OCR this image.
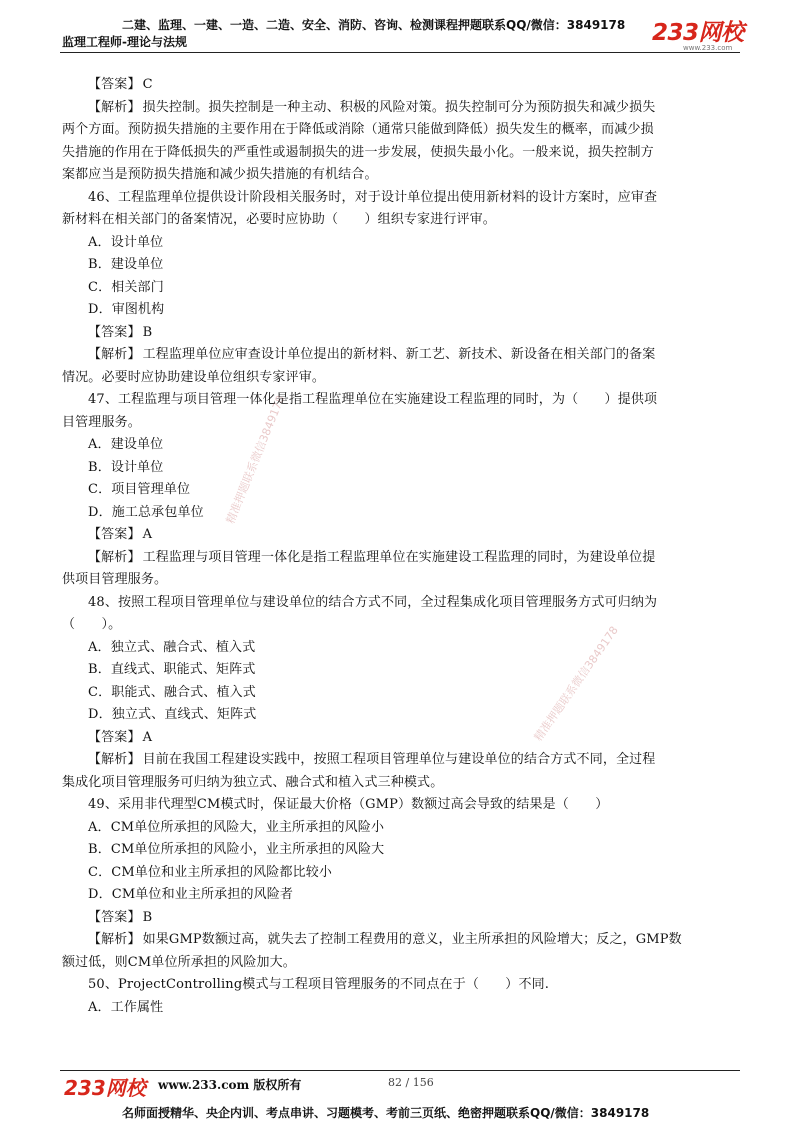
二建、监理、一建、一造、二造、安全、消防、咨询、检测课程押题联系QQ/微信：3849178
监理工程师-理论与法规	233网校
www.233.com
精准押题联系微信3849178
精准押题联系微信3849178
【答案】 C
【解析】 损失控制。损失控制是一种主动、积极的风险对策。损失控制可分为预防损失和减少损失
两个方面。预防损失措施的主要作用在于降低或消除（通常只能做到降低）损失发生的概率，而减少损
失措施的作用在于降低损失的严重性或遏制损失的进一步发展，使损失最小化。一般来说，损失控制方
案都应当是预防损失措施和减少损失措施的有机结合。
46、工程监理单位提供设计阶段相关服务时，对于设计单位提出使用新材料的设计方案时，应审查
新材料在相关部门的备案情况，必要时应协助（　　）组织专家进行评审。
A．设计单位
B．建设单位
C．相关部门
D．审图机构
【答案】 B
【解析】 工程监理单位应审查设计单位提出的新材料、新工艺、新技术、新设备在相关部门的备案
情况。必要时应协助建设单位组织专家评审。
47、工程监理与项目管理一体化是指工程监理单位在实施建设工程监理的同时，为（　　）提供项
目管理服务。
A．建设单位
B．设计单位
C．项目管理单位
D．施工总承包单位
【答案】 A
【解析】 工程监理与项目管理一体化是指工程监理单位在实施建设工程监理的同时，为建设单位提
供项目管理服务。
48、按照工程项目管理单位与建设单位的结合方式不同，全过程集成化项目管理服务方式可归纳为
（　　）。
A．独立式、融合式、植入式
B．直线式、职能式、矩阵式
C．职能式、融合式、植入式
D．独立式、直线式、矩阵式
【答案】 A
【解析】 目前在我国工程建设实践中，按照工程项目管理单位与建设单位的结合方式不同，全过程
集成化项目管理服务可归纳为独立式、融合式和植入式三种模式。
49、采用非代理型CM模式时，保证最大价格（GMP）数额过高会导致的结果是（　　）
A．CM单位所承担的风险大，业主所承担的风险小
B．CM单位所承担的风险小，业主所承担的风险大
C．CM单位和业主所承担的风险都比较小
D．CM单位和业主所承担的风险者
【答案】 B
【解析】 如果GMP数额过高，就失去了控制工程费用的意义，业主所承担的风险增大；反之，GMP数
额过低，则CM单位所承担的风险加大。
50、ProjectControlling模式与工程项目管理服务的不同点在于（　　）不同.
A．工作属性
233网校 www.233.com 版权所有	82 / 156
名师面授精华、央企内训、考点串讲、习题模考、考前三页纸、绝密押题联系QQ/微信：3849178
